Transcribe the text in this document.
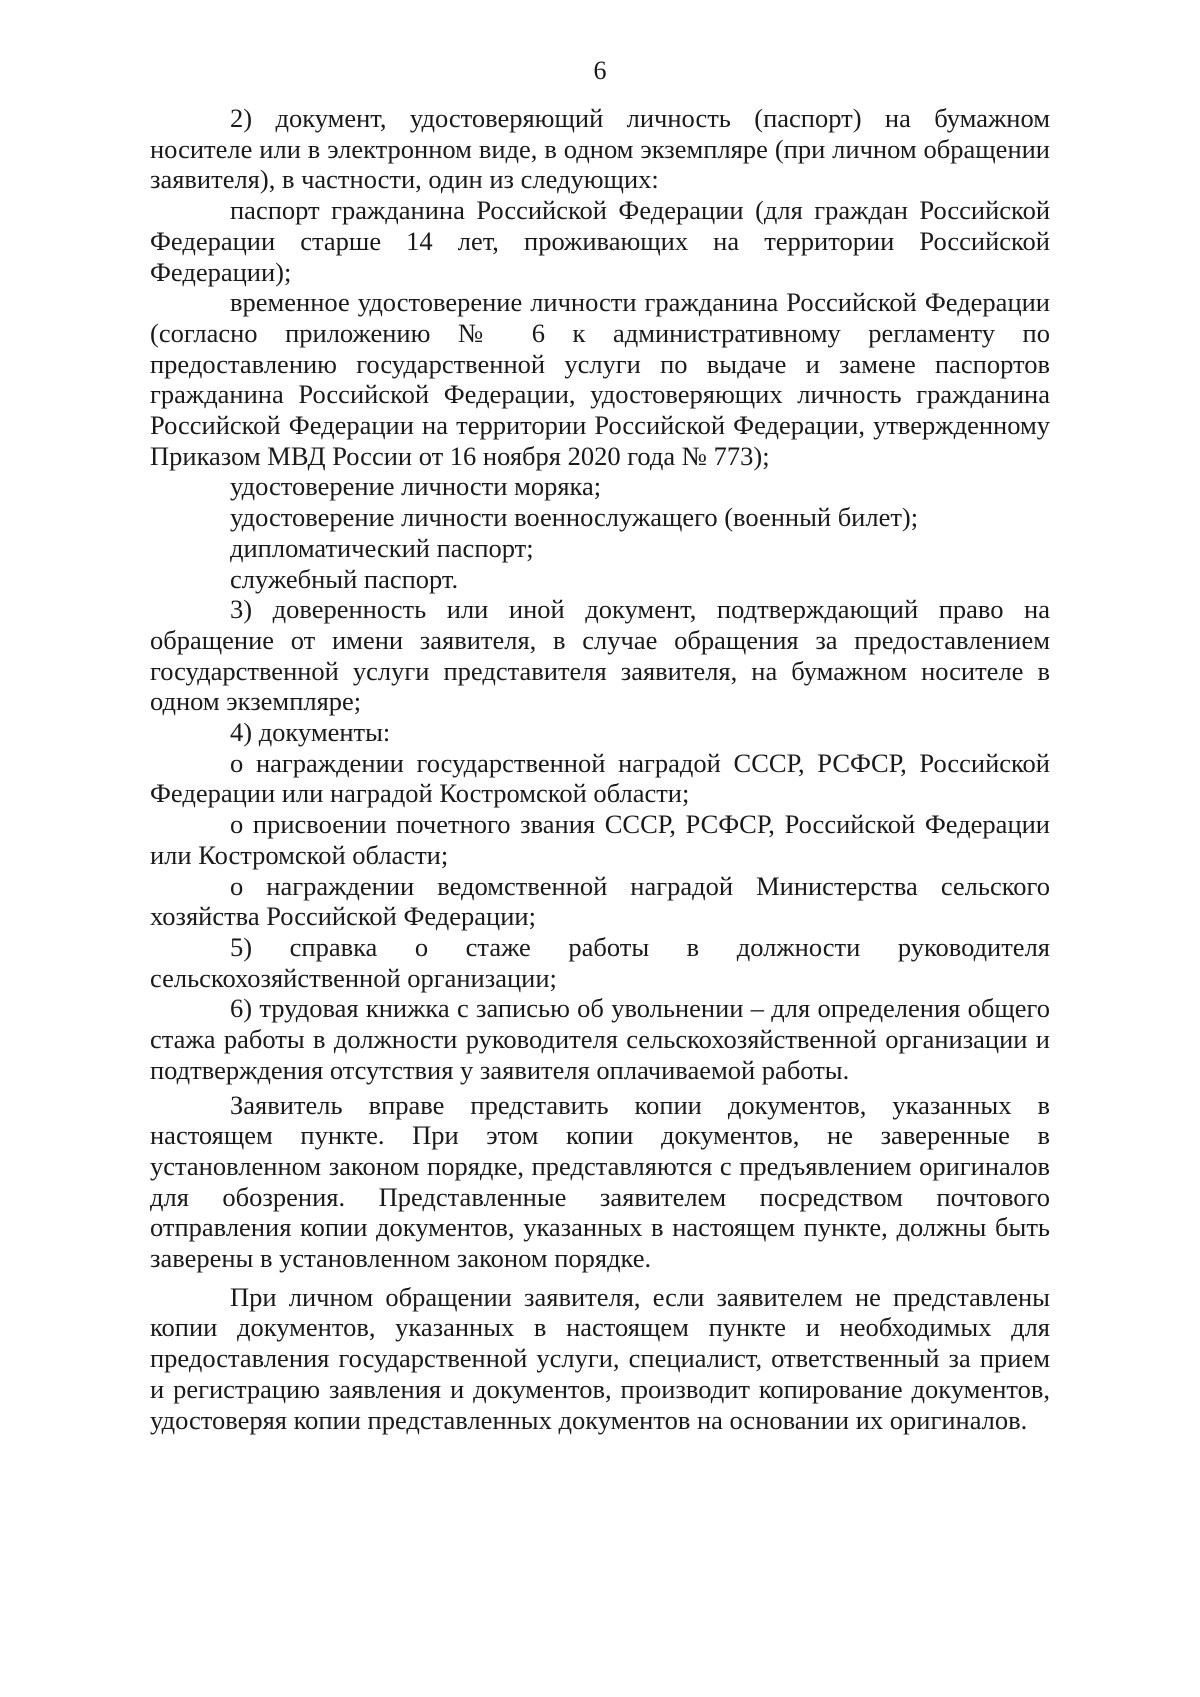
6

2) документ, удостоверяющий личность (паспорт) на бумажном носителе или в электронном виде, в одном экземпляре (при личном обращении заявителя), в частности, один из следующих:

паспорт гражданина Российской Федерации (для граждан Российской Федерации старше 14 лет, проживающих на территории Российской Федерации);

временное удостоверение личности гражданина Российской Федерации (согласно приложению № 6 к административному регламенту по предоставлению государственной услуги по выдаче и замене паспортов гражданина Российской Федерации, удостоверяющих личность гражданина Российской Федерации на территории Российской Федерации, утвержденному Приказом МВД России от 16 ноября 2020 года № 773);

удостоверение личности моряка;

удостоверение личности военнослужащего (военный билет);

дипломатический паспорт;

служебный паспорт.

3) доверенность или иной документ, подтверждающий право на обращение от имени заявителя, в случае обращения за предоставлением государственной услуги представителя заявителя, на бумажном носителе в одном экземпляре;

4) документы:

о награждении государственной наградой СССР, РСФСР, Российской Федерации или наградой Костромской области;

о присвоении почетного звания СССР, РСФСР, Российской Федерации или Костромской области;

о награждении ведомственной наградой Министерства сельского хозяйства Российской Федерации;

5) справка о стаже работы в должности руководителя сельскохозяйственной организации;

6) трудовая книжка с записью об увольнении – для определения общего стажа работы в должности руководителя сельскохозяйственной организации и подтверждения отсутствия у заявителя оплачиваемой работы.

Заявитель вправе представить копии документов, указанных в настоящем пункте. При этом копии документов, не заверенные в установленном законом порядке, представляются с предъявлением оригиналов для обозрения. Представленные заявителем посредством почтового отправления копии документов, указанных в настоящем пункте, должны быть заверены в установленном законом порядке.

При личном обращении заявителя, если заявителем не представлены копии документов, указанных в настоящем пункте и необходимых для предоставления государственной услуги, специалист, ответственный за прием и регистрацию заявления и документов, производит копирование документов, удостоверяя копии представленных документов на основании их оригиналов.
